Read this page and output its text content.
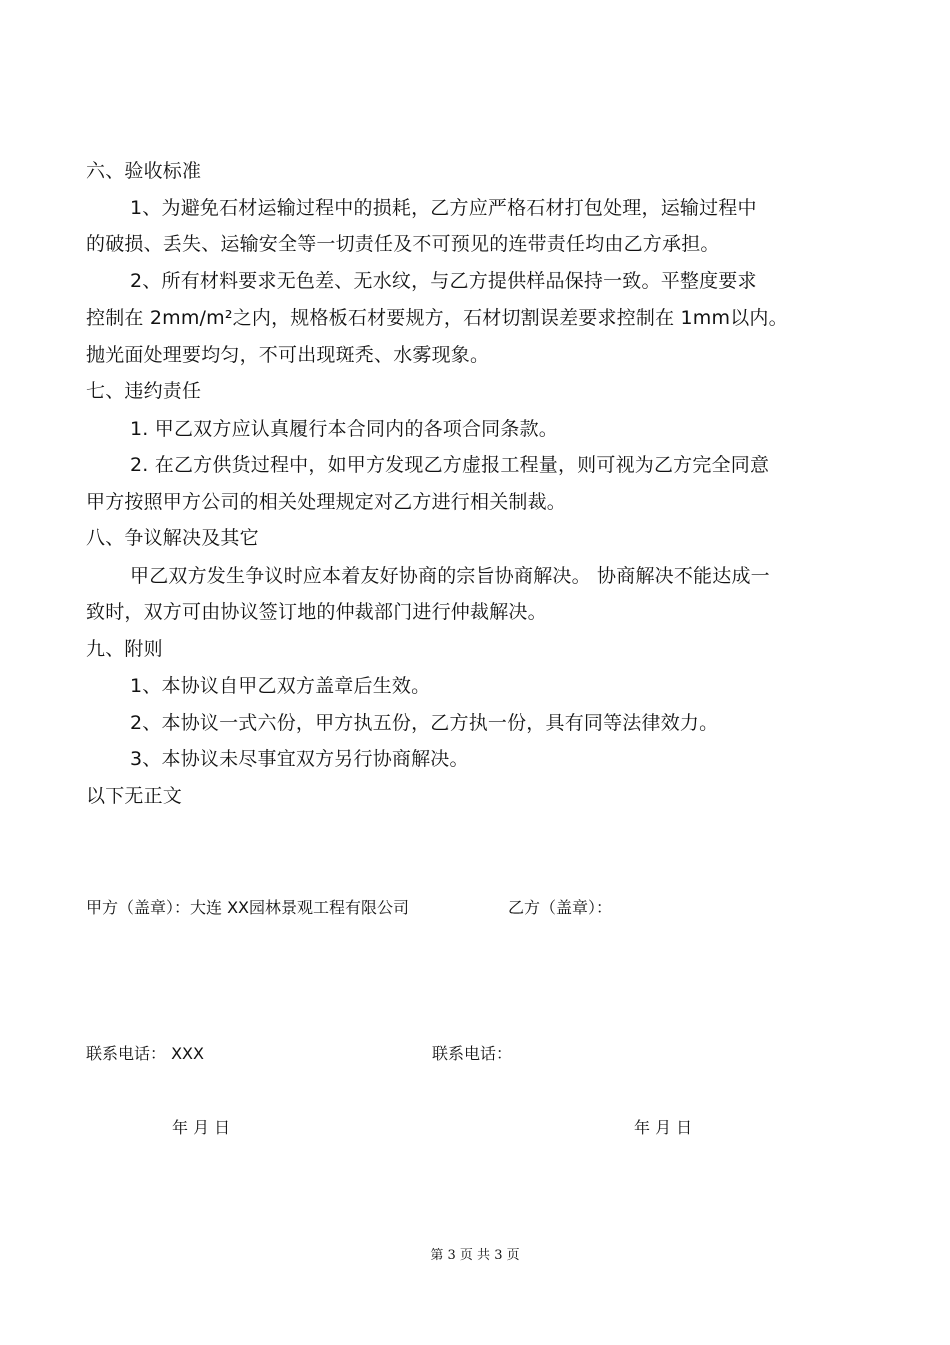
六、验收标准
1、为避免石材运输过程中的损耗，乙方应严格石材打包处理，运输过程中
的破损、丢失、运输安全等一切责任及不可预见的连带责任均由乙方承担。
2、所有材料要求无色差、无水纹，与乙方提供样品保持一致。平整度要求
控制在 2mm/m²之内，规格板石材要规方，石材切割误差要求控制在 1mm以内。
抛光面处理要均匀，不可出现斑秃、水雾现象。
七、违约责任
1. 甲乙双方应认真履行本合同内的各项合同条款。
2. 在乙方供货过程中，如甲方发现乙方虚报工程量，则可视为乙方完全同意
甲方按照甲方公司的相关处理规定对乙方进行相关制裁。
八、争议解决及其它
甲乙双方发生争议时应本着友好协商的宗旨协商解决。 协商解决不能达成一
致时，双方可由协议签订地的仲裁部门进行仲裁解决。
九、附则
1、本协议自甲乙双方盖章后生效。
2、本协议一式六份，甲方执五份，乙方执一份，具有同等法律效力。
3、本协议未尽事宜双方另行协商解决。
以下无正文
甲方（盖章）：大连 XX园林景观工程有限公司	乙方（盖章）：
联系电话： XXX	联系电话：
年 月 日	年 月 日
第 3 页 共 3 页
